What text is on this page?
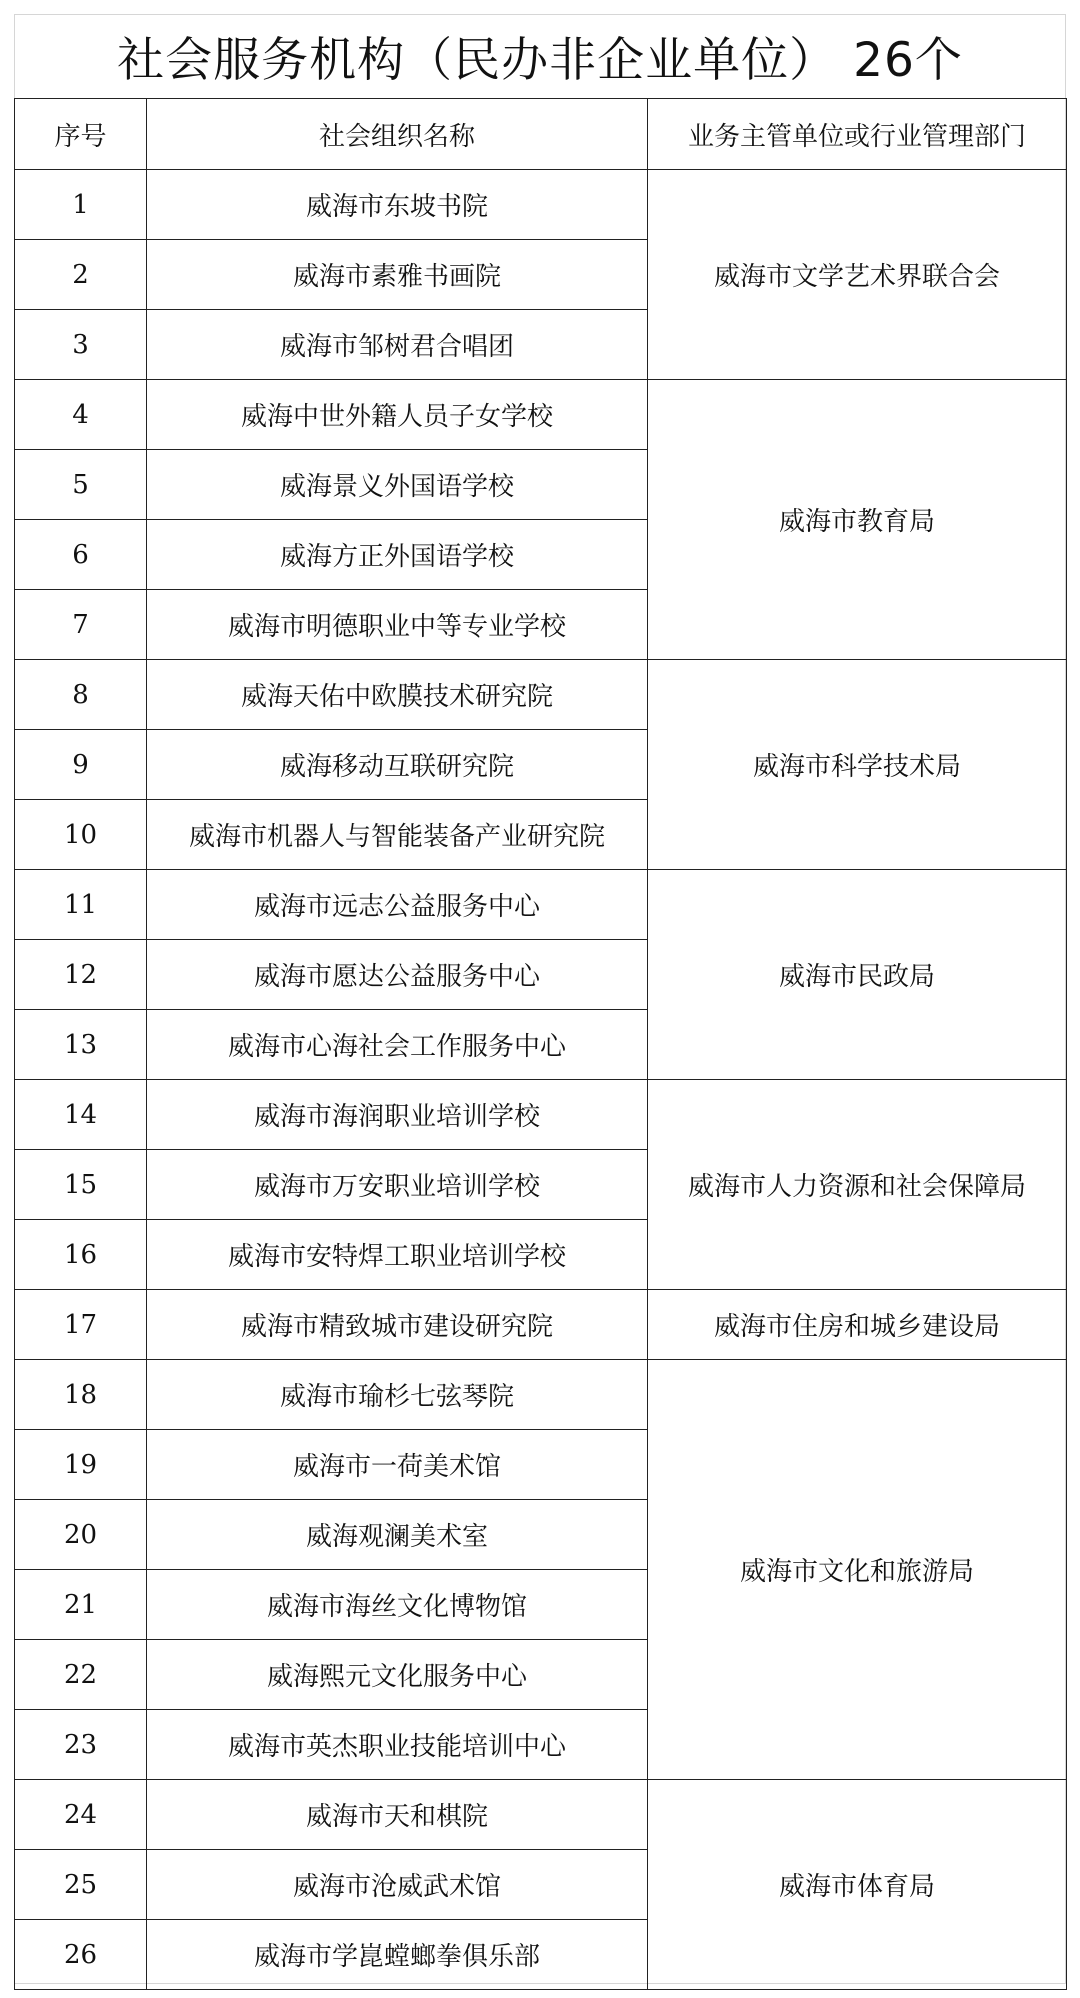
社会服务机构（民办非企业单位） 26个
序号	社会组织名称	业务主管单位或行业管理部门
1	威海市东坡书院	威海市文学艺术界联合会
2	威海市素雅书画院	
3	威海市邹树君合唱团	
4	威海中世外籍人员子女学校	威海市教育局
5	威海景义外国语学校	
6	威海方正外国语学校	
7	威海市明德职业中等专业学校	
8	威海天佑中欧膜技术研究院	威海市科学技术局
9	威海移动互联研究院	
10	威海市机器人与智能装备产业研究院	
11	威海市远志公益服务中心	威海市民政局
12	威海市愿达公益服务中心	
13	威海市心海社会工作服务中心	
14	威海市海润职业培训学校	威海市人力资源和社会保障局
15	威海市万安职业培训学校	
16	威海市安特焊工职业培训学校	
17	威海市精致城市建设研究院	威海市住房和城乡建设局
18	威海市瑜杉七弦琴院	威海市文化和旅游局
19	威海市一荷美术馆	
20	威海观澜美术室	
21	威海市海丝文化博物馆	
22	威海熙元文化服务中心	
23	威海市英杰职业技能培训中心	
24	威海市天和棋院	威海市体育局
25	威海市沧威武术馆	
26	威海市学崑螳螂拳俱乐部	
